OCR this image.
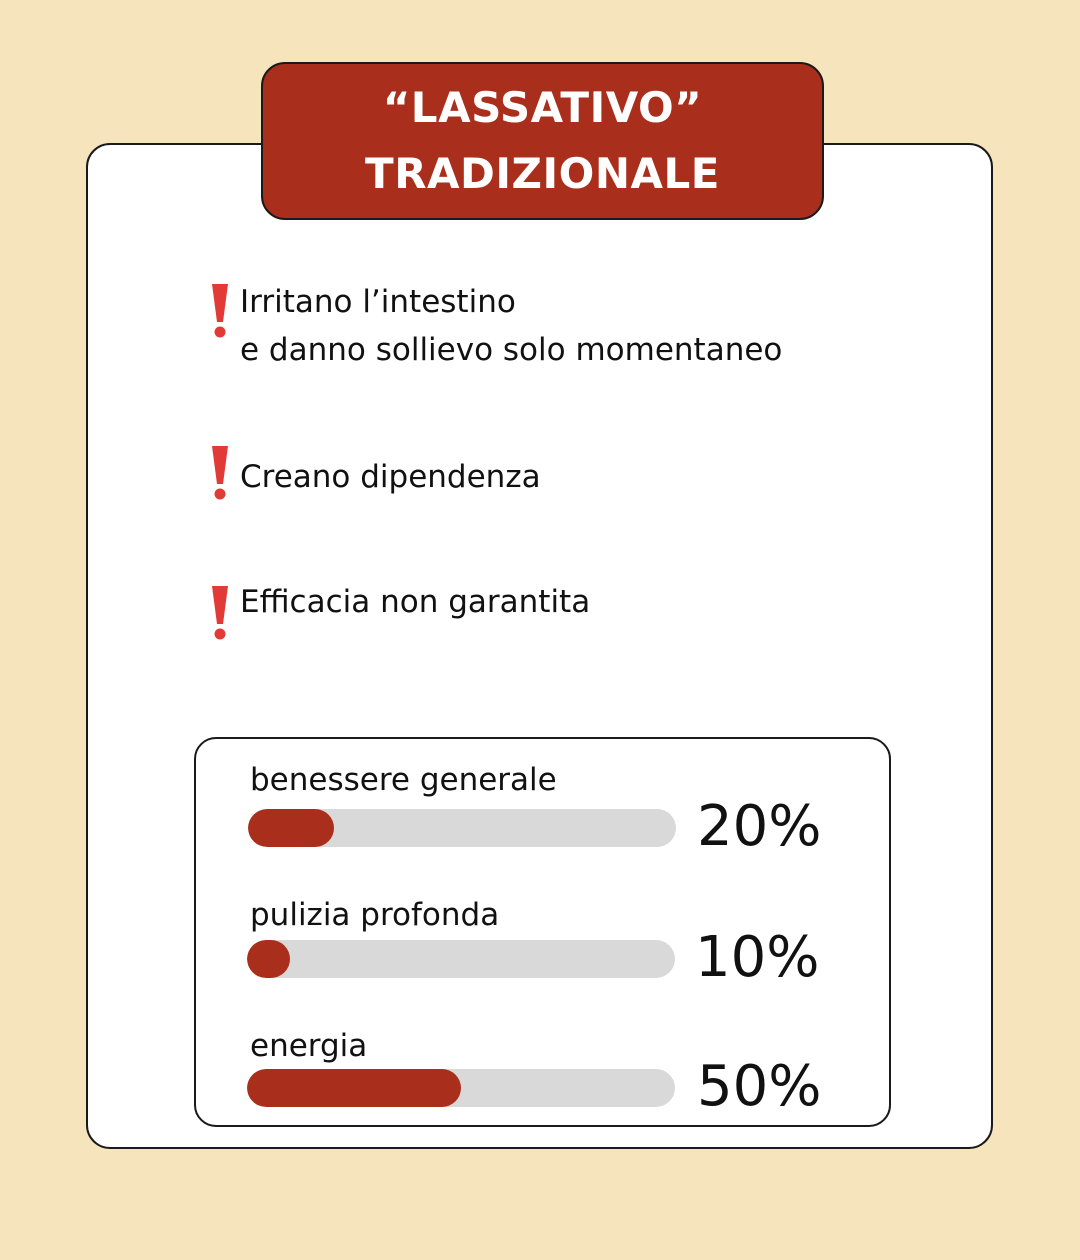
“LASSATIVO”
TRADIZIONALE
Irritano l’intestino
e danno sollievo solo momentaneo
Creano dipendenza
Efficacia non garantita
benessere generale
20%
pulizia profonda
10%
energia
50%
